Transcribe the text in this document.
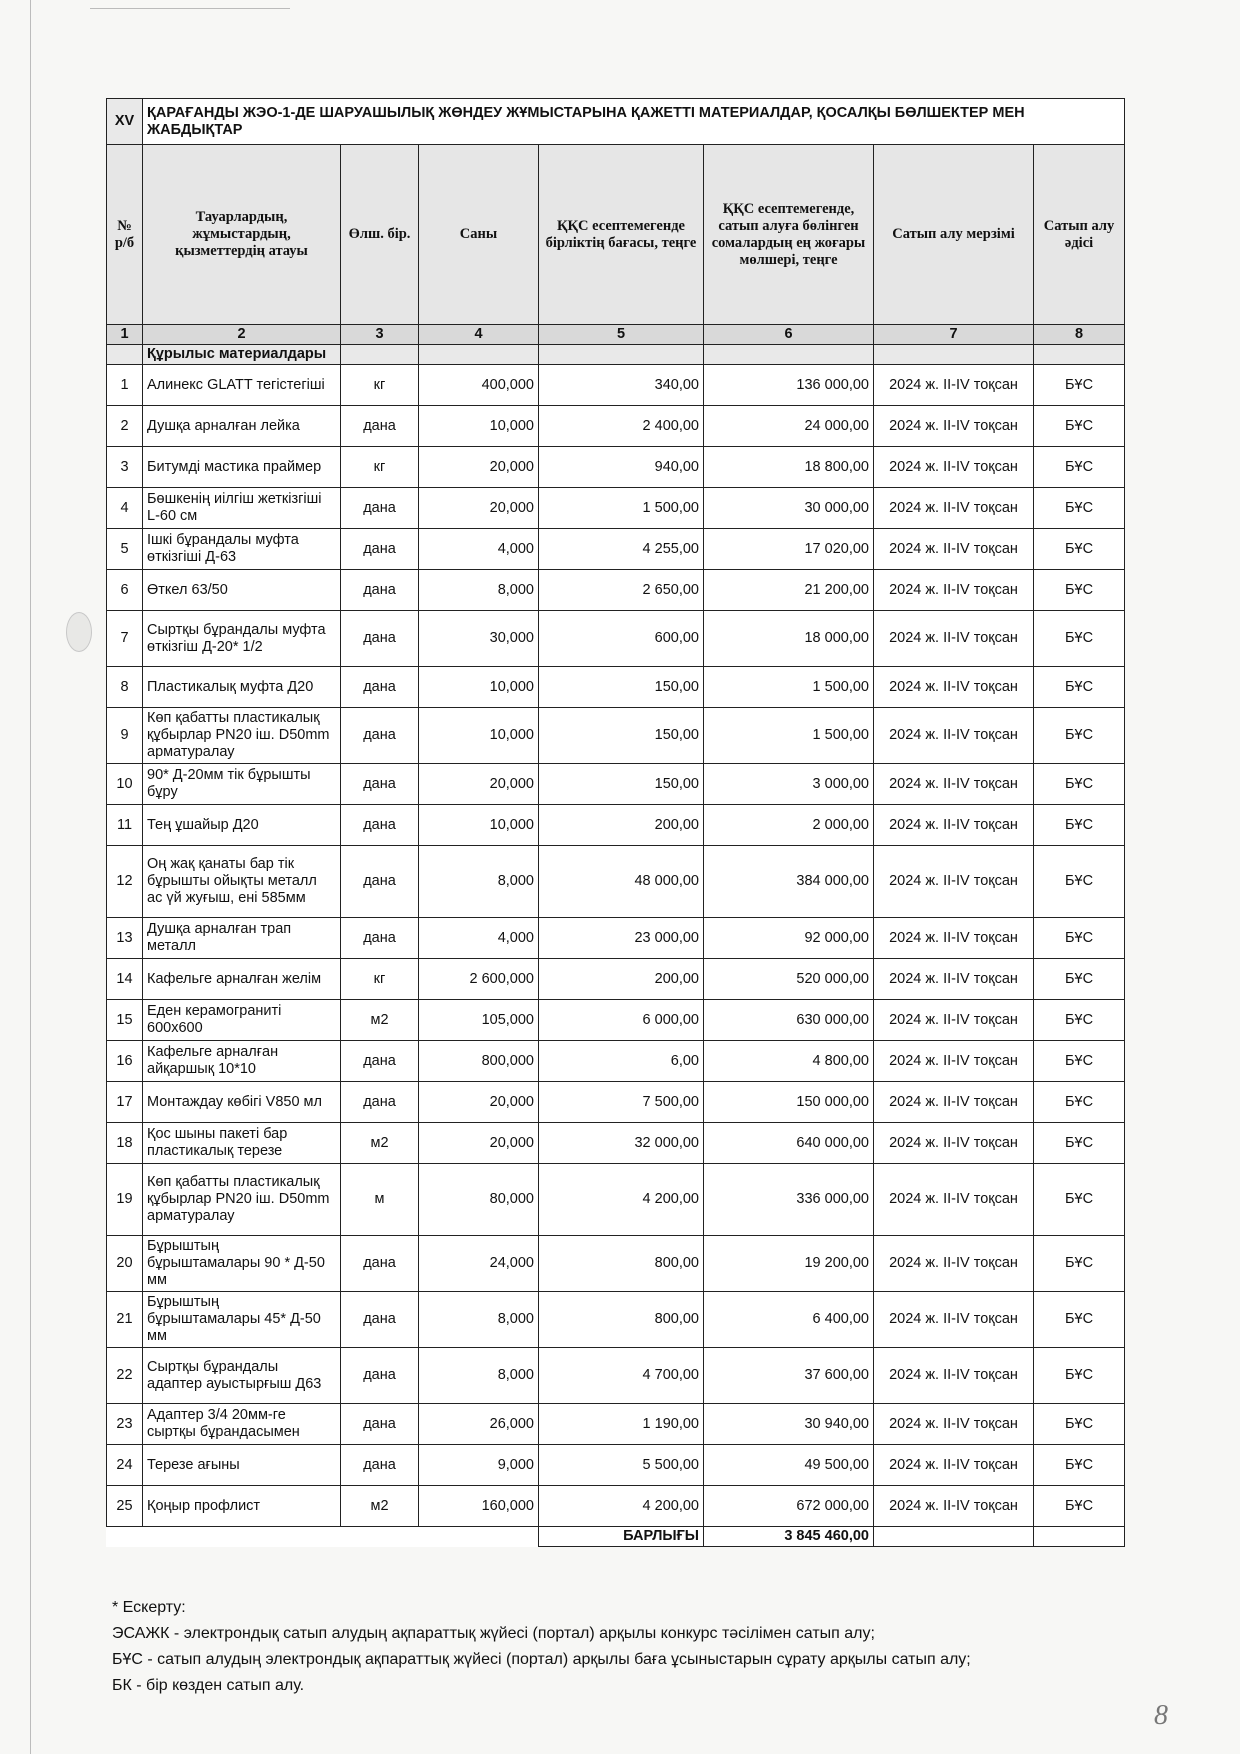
XV	ҚАРАҒАНДЫ ЖЭО-1-ДЕ ШАРУАШЫЛЫҚ ЖӨНДЕУ ЖҰМЫСТАРЫНА ҚАЖЕТТІ МАТЕРИАЛДАР, ҚОСАЛҚЫ БӨЛШЕКТЕР МЕН ЖАБДЫҚТАР						
№ р/б	Тауарлардың, жұмыстардың, қызметтердің атауы	Өлш. бір.	Саны	ҚҚС есептемегенде бірліктің бағасы, теңге	ҚҚС есептемегенде, сатып алуға бөлінген сомалардың ең жоғары мөлшері, теңге	Сатып алу мерзімі	Сатып алу әдісі
1	2	3	4	5	6	7	8
	Құрылыс материалдары						
1	Алинекс GLATT тегістегіші	кг	400,000	340,00	136 000,00	2024 ж. II-IV тоқсан	БҰС
2	Душқа арналған лейка	дана	10,000	2 400,00	24 000,00	2024 ж. II-IV тоқсан	БҰС
3	Битумді мастика праймер	кг	20,000	940,00	18 800,00	2024 ж. II-IV тоқсан	БҰС
4	Бөшкенің иілгіш жеткізгіші L-60 см	дана	20,000	1 500,00	30 000,00	2024 ж. II-IV тоқсан	БҰС
5	Ішкі бұрандалы муфта өткізгіші Д-63	дана	4,000	4 255,00	17 020,00	2024 ж. II-IV тоқсан	БҰС
6	Өткел 63/50	дана	8,000	2 650,00	21 200,00	2024 ж. II-IV тоқсан	БҰС
7	Сыртқы бұрандалы муфта өткізгіш Д-20* 1/2	дана	30,000	600,00	18 000,00	2024 ж. II-IV тоқсан	БҰС
8	Пластикалық муфта Д20	дана	10,000	150,00	1 500,00	2024 ж. II-IV тоқсан	БҰС
9	Көп қабатты пластикалық құбырлар PN20 іш. D50mm арматуралау	дана	10,000	150,00	1 500,00	2024 ж. II-IV тоқсан	БҰС
10	90* Д-20мм тік бұрышты бұру	дана	20,000	150,00	3 000,00	2024 ж. II-IV тоқсан	БҰС
11	Тең ұшайыр Д20	дана	10,000	200,00	2 000,00	2024 ж. II-IV тоқсан	БҰС
12	Оң жақ қанаты бар тік бұрышты ойықты металл ас үй жуғыш, ені 585мм	дана	8,000	48 000,00	384 000,00	2024 ж. II-IV тоқсан	БҰС
13	Душқа арналған трап металл	дана	4,000	23 000,00	92 000,00	2024 ж. II-IV тоқсан	БҰС
14	Кафельге арналған желім	кг	2 600,000	200,00	520 000,00	2024 ж. II-IV тоқсан	БҰС
15	Еден керамограниті 600х600	м2	105,000	6 000,00	630 000,00	2024 ж. II-IV тоқсан	БҰС
16	Кафельге арналған айқаршық 10*10	дана	800,000	6,00	4 800,00	2024 ж. II-IV тоқсан	БҰС
17	Монтаждау көбігі V850 мл	дана	20,000	7 500,00	150 000,00	2024 ж. II-IV тоқсан	БҰС
18	Қос шыны пакеті бар пластикалық терезе	м2	20,000	32 000,00	640 000,00	2024 ж. II-IV тоқсан	БҰС
19	Көп қабатты пластикалық құбырлар PN20 іш. D50mm арматуралау	м	80,000	4 200,00	336 000,00	2024 ж. II-IV тоқсан	БҰС
20	Бұрыштың бұрыштамалары 90 * Д-50 мм	дана	24,000	800,00	19 200,00	2024 ж. II-IV тоқсан	БҰС
21	Бұрыштың бұрыштамалары 45* Д-50 мм	дана	8,000	800,00	6 400,00	2024 ж. II-IV тоқсан	БҰС
22	Сыртқы бұрандалы адаптер ауыстырғыш Д63	дана	8,000	4 700,00	37 600,00	2024 ж. II-IV тоқсан	БҰС
23	Адаптер 3/4 20мм-ге сыртқы бұрандасымен	дана	26,000	1 190,00	30 940,00	2024 ж. II-IV тоқсан	БҰС
24	Терезе ағыны	дана	9,000	5 500,00	49 500,00	2024 ж. II-IV тоқсан	БҰС
25	Қоңыр профлист	м2	160,000	4 200,00	672 000,00	2024 ж. II-IV тоқсан	БҰС
				БАРЛЫҒЫ	3 845 460,00		

* Ескерту:

ЭСАЖК - электрондық сатып алудың ақпараттық жүйесі (портал) арқылы конкурс тәсілімен сатып алу;

БҰС - сатып алудың электрондық ақпараттық жүйесі (портал) арқылы баға ұсыныстарын сұрату арқылы сатып алу;

БК - бір көзден сатып алу.

8
